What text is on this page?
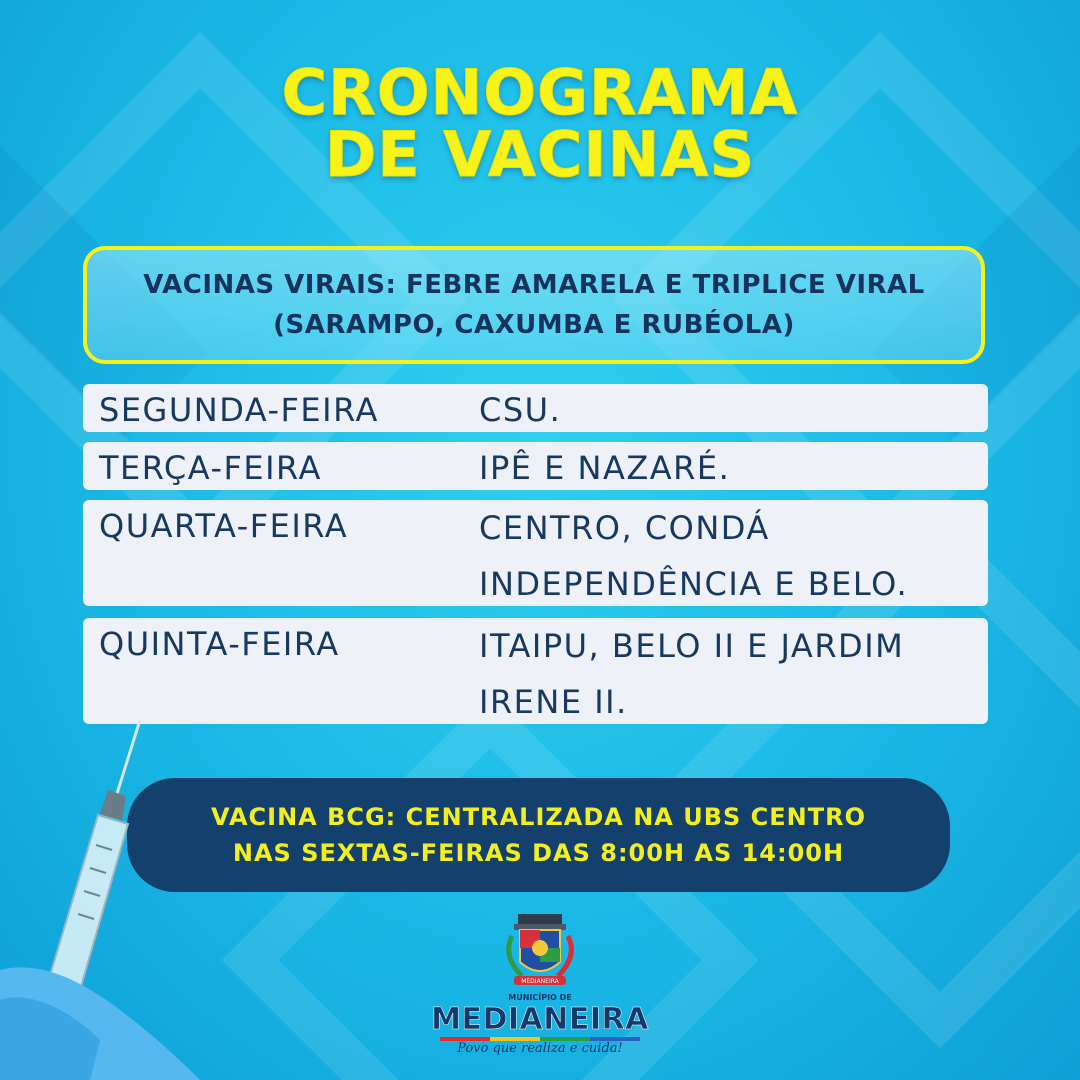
CRONOGRAMA
DE VACINAS
VACINAS VIRAIS: FEBRE AMARELA E TRIPLICE VIRAL
(SARAMPO, CAXUMBA E RUBÉOLA)
SEGUNDA-FEIRA	CSU.
TERÇA-FEIRA	IPÊ E NAZARÉ.
QUARTA-FEIRA	CENTRO, CONDÁ
INDEPENDÊNCIA E BELO.
QUINTA-FEIRA	ITAIPU, BELO II E JARDIM
IRENE II.
VACINA BCG: CENTRALIZADA NA UBS CENTRO
NAS SEXTAS-FEIRAS DAS 8:00H AS 14:00H
MEDIANEIRA
MUNICÍPIO DE
MEDIANEIRA
Povo que realiza e cuida!
